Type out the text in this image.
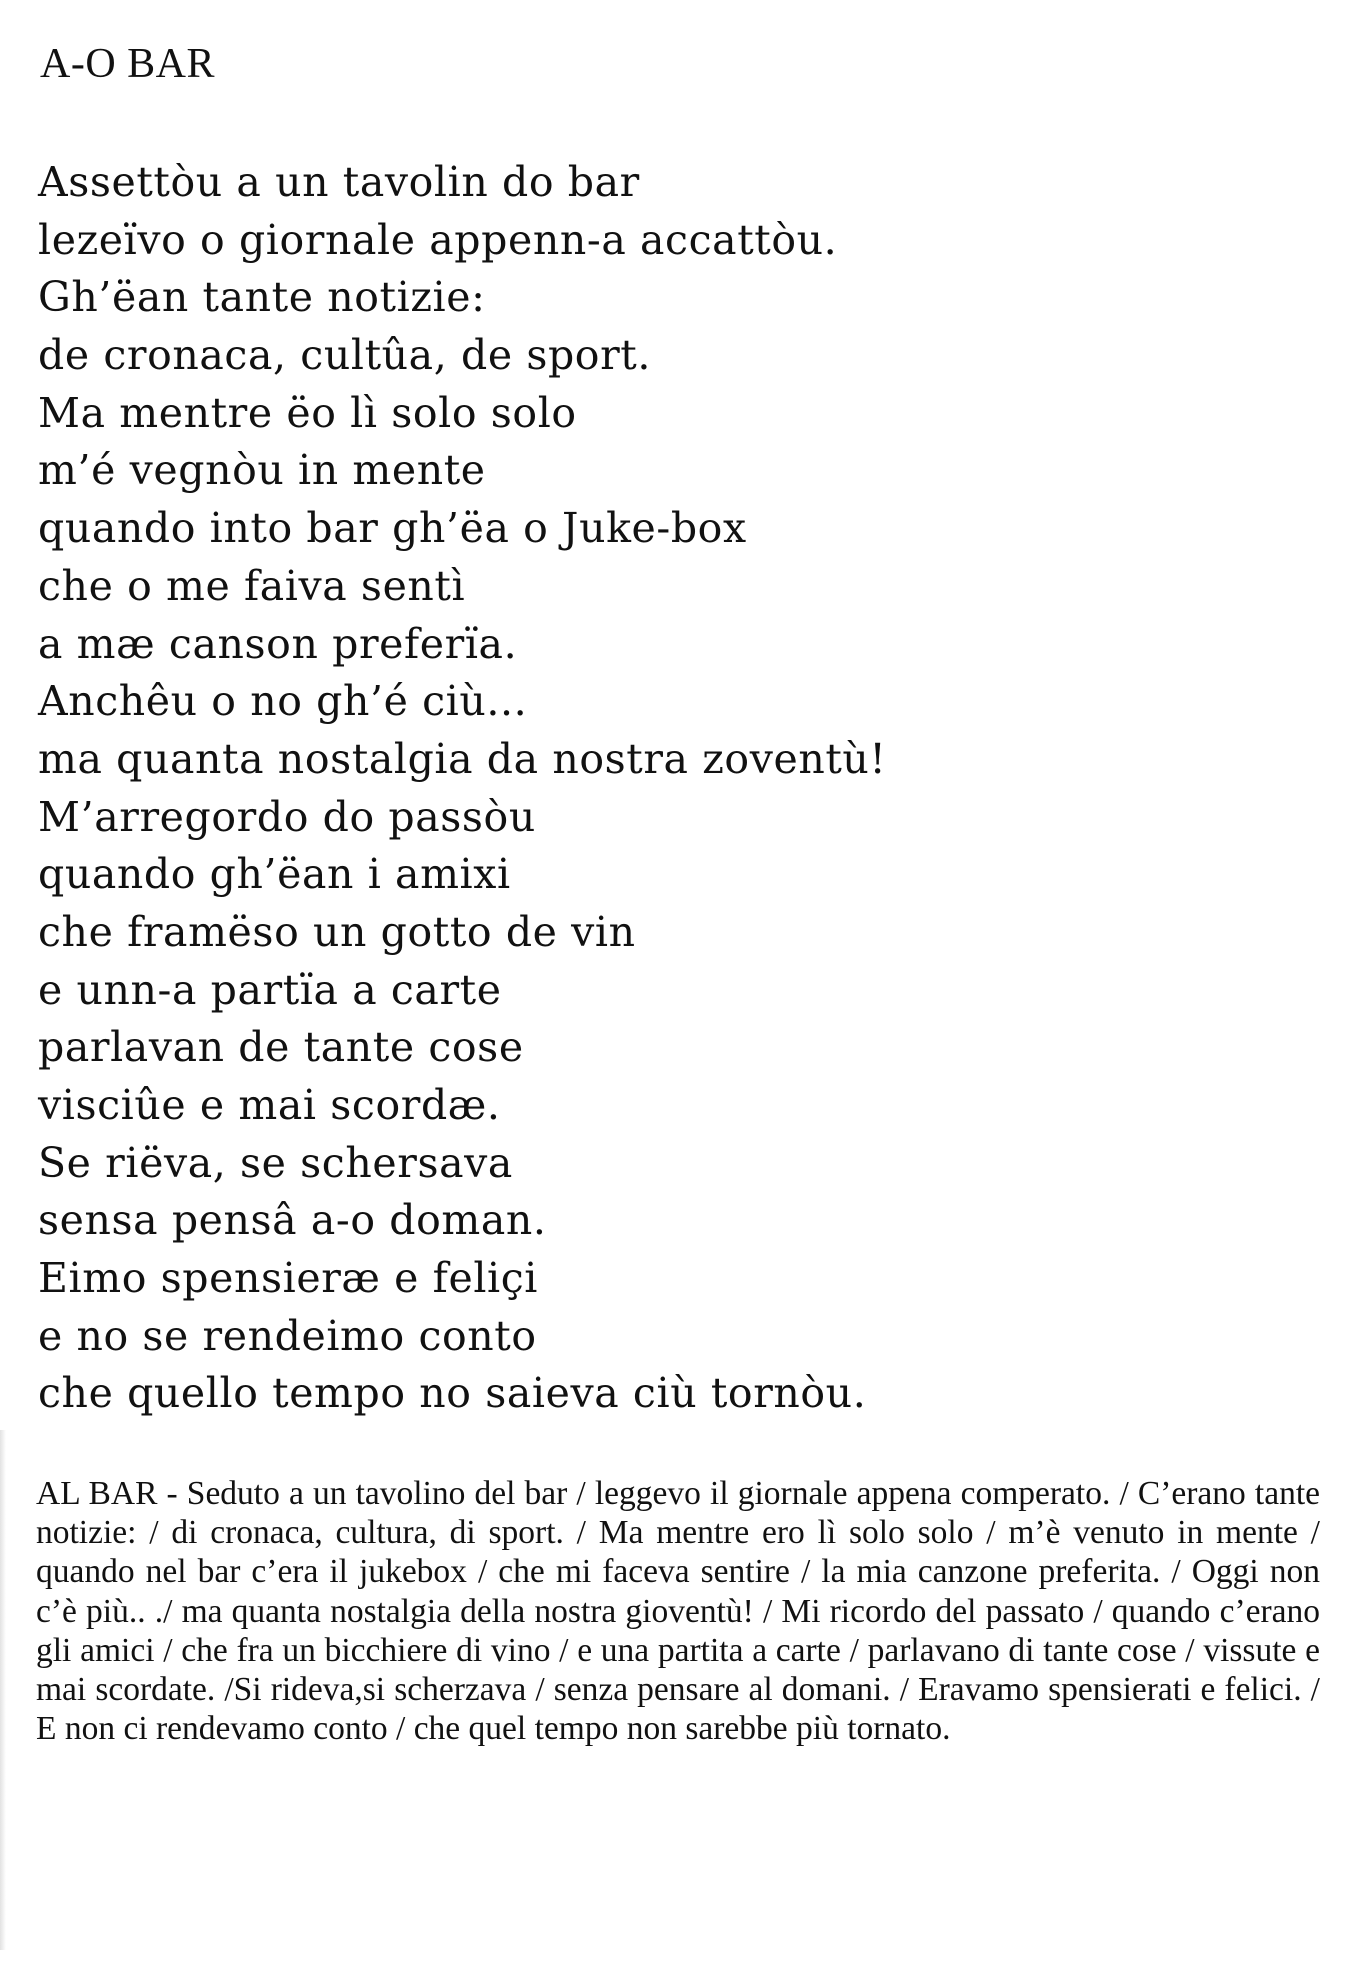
A-O BAR
Assettòu a un tavolin do bar
lezeïvo o giornale appenn-a accattòu.
Gh’ëan tante notizie:
de cronaca, cultûa, de sport.
Ma mentre ëo lì solo solo
m’é vegnòu in mente
quando into bar gh’ëa o Juke-box
che o me faiva sentì
a mæ canson preferïa.
Anchêu o no gh’é ciù...
ma quanta nostalgia da nostra zoventù!
M’arregordo do passòu
quando gh’ëan i amixi
che framëso un gotto de vin
e unn-a partïa a carte
parlavan de tante cose
visciûe e mai scordæ.
Se riëva, se schersava
sensa pensâ a-o doman.
Eimo spensieræ e feliçi
e no se rendeimo conto
che quello tempo no saieva ciù tornòu.

AL BAR - Seduto a un tavolino del bar / leggevo il giornale appena comperato. / C’erano tante notizie: / di cronaca, cultura, di sport. / Ma mentre ero lì solo solo / m’è venuto in mente / quando nel bar c’era il jukebox / che mi faceva sentire / la mia canzone preferita. / Oggi non c’è più.. ./ ma quanta nostalgia della nostra gioventù! / Mi ricordo del passato / quando c’erano gli amici / che fra un bicchiere di vino / e una partita a carte / parlavano di tante cose / vissute e mai scordate. /Si rideva,si scherzava / senza pensare al domani. / Eravamo spensierati e felici. / E non ci rendevamo conto / che quel tempo non sarebbe più tornato.
